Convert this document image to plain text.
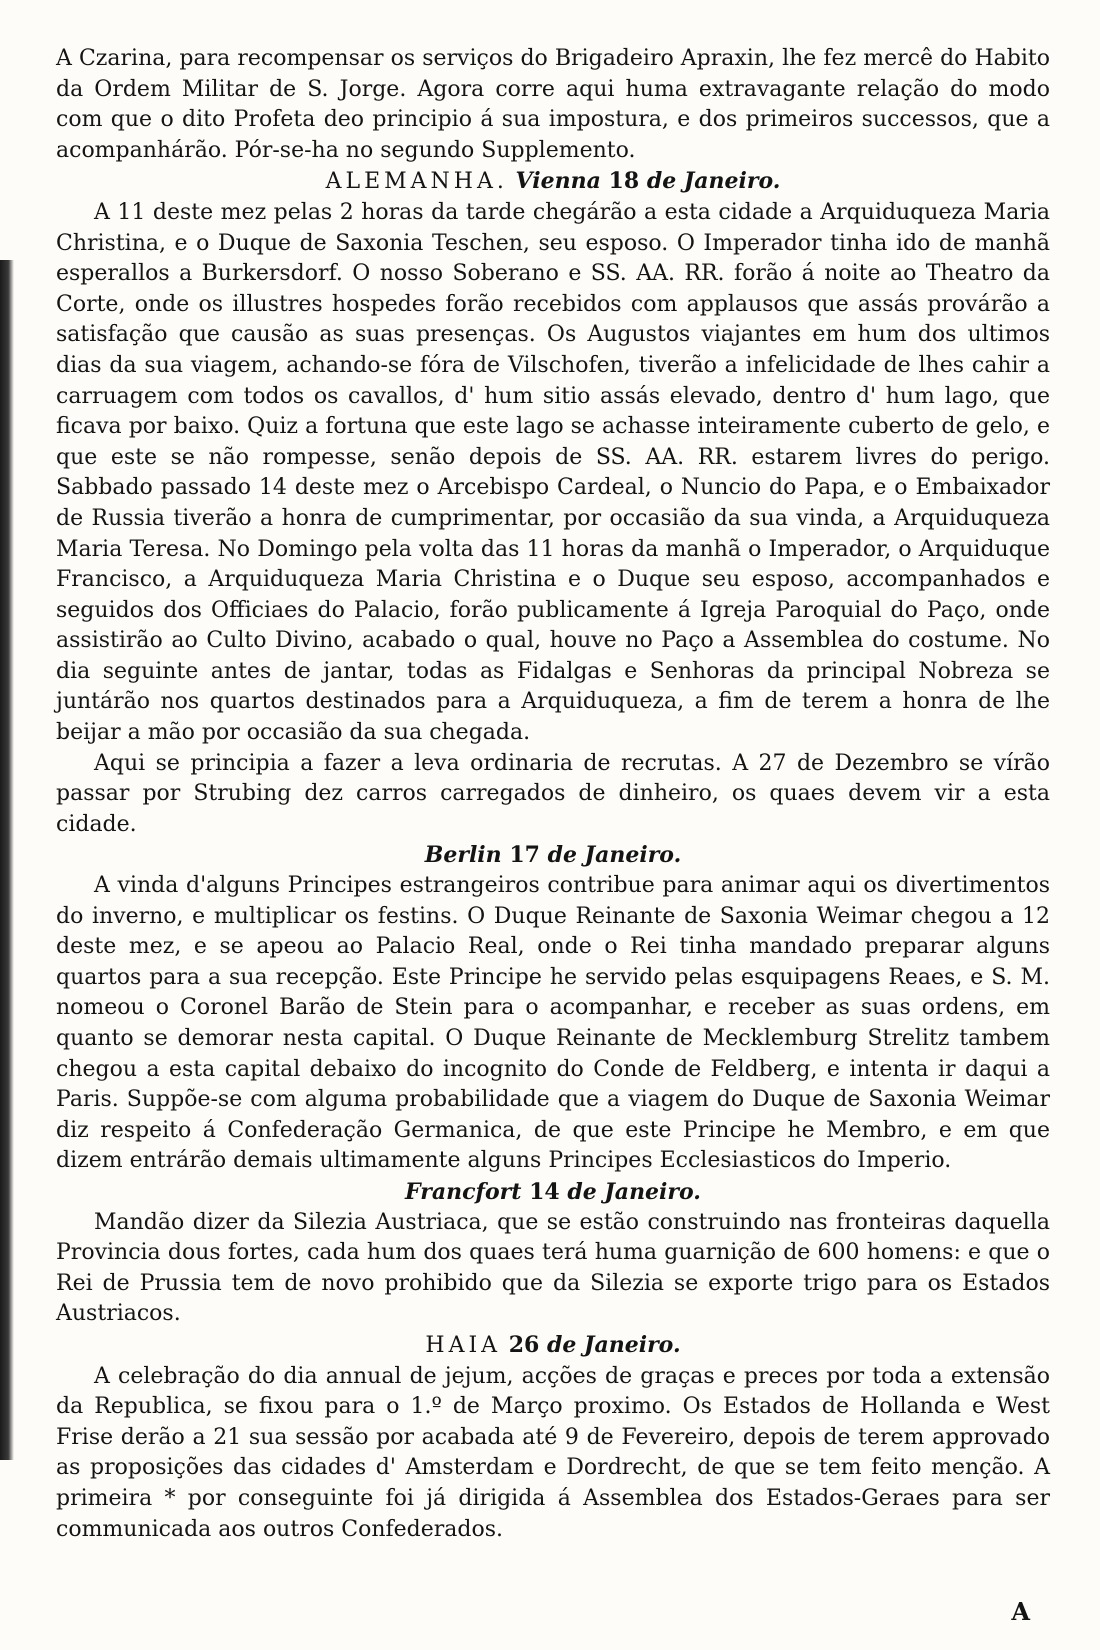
A Czarina, para recompensar os serviços do Brigadeiro Apraxin, lhe fez mercê do Habito da Ordem Militar de S. Jorge. Agora corre aqui huma extravagante relação do modo com que o dito Profeta deo principio á sua impostura, e dos primeiros successos, que a acompanhárão. Pór-se-ha no segundo Supplemento.

ALEMANHA. Vienna 18 de Janeiro.

A 11 deste mez pelas 2 horas da tarde chegárão a esta cidade a Arquiduqueza Maria Christina, e o Duque de Saxonia Teschen, seu esposo. O Imperador tinha ido de manhã esperallos a Burkersdorf. O nosso Soberano e SS. AA. RR. forão á noite ao Theatro da Corte, onde os illustres hospedes forão recebidos com applausos que assás provárão a satisfação que causão as suas presenças. Os Augustos viajantes em hum dos ultimos dias da sua viagem, achando-se fóra de Vilschofen, tiverão a infelicidade de lhes cahir a carruagem com todos os cavallos, d' hum sitio assás elevado, dentro d' hum lago, que ficava por baixo. Quiz a fortuna que este lago se achasse inteiramente cuberto de gelo, e que este se não rompesse, senão depois de SS. AA. RR. estarem livres do perigo. Sabbado passado 14 deste mez o Arcebispo Cardeal, o Nuncio do Papa, e o Embaixador de Russia tiverão a honra de cumprimentar, por occasião da sua vinda, a Arquiduqueza Maria Teresa. No Domingo pela volta das 11 horas da manhã o Imperador, o Arquiduque Francisco, a Arquiduqueza Maria Christina e o Duque seu esposo, accompanhados e seguidos dos Officiaes do Palacio, forão publicamente á Igreja Paroquial do Paço, onde assistirão ao Culto Divino, acabado o qual, houve no Paço a Assemblea do costume. No dia seguinte antes de jantar, todas as Fidalgas e Senhoras da principal Nobreza se juntárão nos quartos destinados para a Arquiduqueza, a fim de terem a honra de lhe beijar a mão por occasião da sua chegada.

Aqui se principia a fazer a leva ordinaria de recrutas. A 27 de Dezembro se vírão passar por Strubing dez carros carregados de dinheiro, os quaes devem vir a esta cidade.

Berlin 17 de Janeiro.

A vinda d'alguns Principes estrangeiros contribue para animar aqui os divertimentos do inverno, e multiplicar os festins. O Duque Reinante de Saxonia Weimar chegou a 12 deste mez, e se apeou ao Palacio Real, onde o Rei tinha mandado preparar alguns quartos para a sua recepção. Este Principe he servido pelas esquipagens Reaes, e S. M. nomeou o Coronel Barão de Stein para o acompanhar, e receber as suas ordens, em quanto se demorar nesta capital. O Duque Reinante de Mecklemburg Strelitz tambem chegou a esta capital debaixo do incognito do Conde de Feldberg, e intenta ir daqui a Paris. Suppõe-se com alguma probabilidade que a viagem do Duque de Saxonia Weimar diz respeito á Confederação Germanica, de que este Principe he Membro, e em que dizem entrárão demais ultimamente alguns Principes Ecclesiasticos do Imperio.

Francfort 14 de Janeiro.

Mandão dizer da Silezia Austriaca, que se estão construindo nas fronteiras daquella Provincia dous fortes, cada hum dos quaes terá huma guarnição de 600 homens: e que o Rei de Prussia tem de novo prohibido que da Silezia se exporte trigo para os Estados Austriacos.

HAIA 26 de Janeiro.

A celebração do dia annual de jejum, acções de graças e preces por toda a extensão da Republica, se fixou para o 1.º de Março proximo. Os Estados de Hollanda e West Frise derão a 21 sua sessão por acabada até 9 de Fevereiro, depois de terem approvado as proposições das cidades d' Amsterdam e Dordrecht, de que se tem feito menção. A primeira * por conseguinte foi já dirigida á Assemblea dos Estados-Geraes para ser communicada aos outros Confederados.

A
